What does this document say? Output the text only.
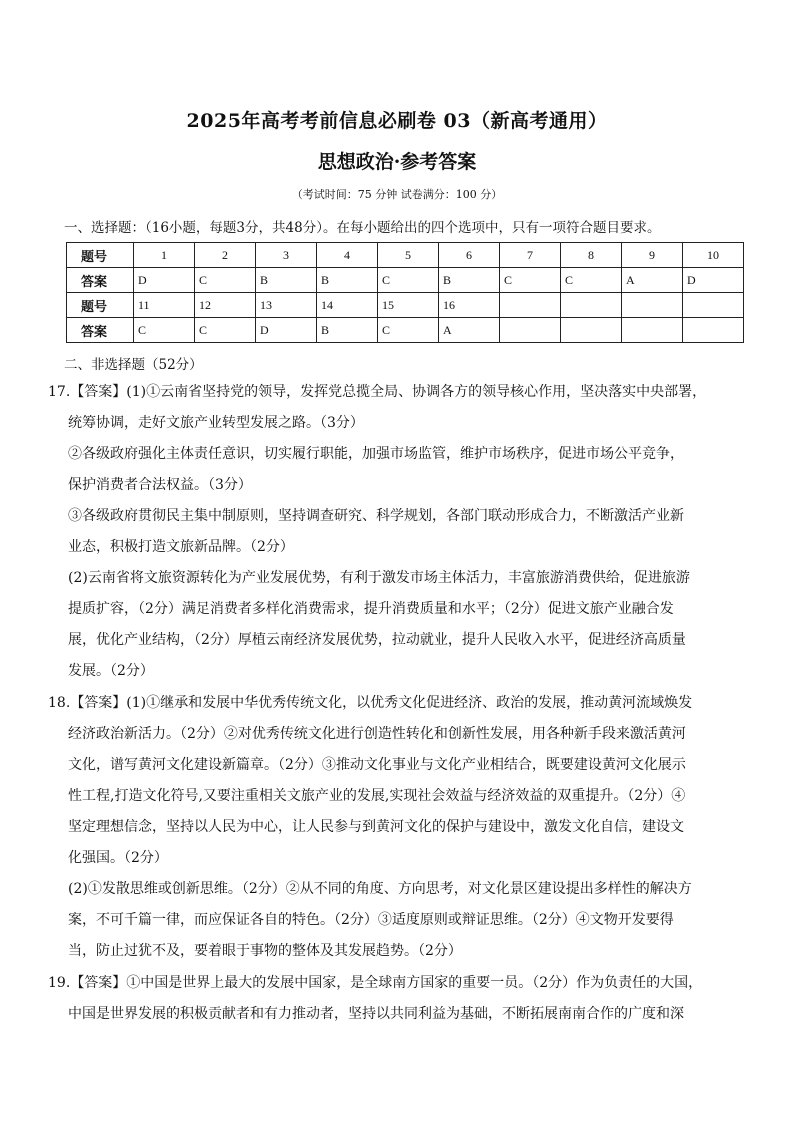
2025年高考考前信息必刷卷 03（新高考通用）
思想政治·参考答案
（考试时间：75 分钟 试卷满分：100 分）
一、选择题：（16小题，每题3分，共48分）。在每小题给出的四个选项中，只有一项符合题目要求。
题号	1	2	3	4	5	6	7	8	9	10
答案	D	C	B	B	C	B	C	C	A	D
题号	11	12	13	14	15	16				
答案	C	C	D	B	C	A				
二、非选择题（52分）

17.【答案】(1)①云南省坚持党的领导，发挥党总揽全局、协调各方的领导核心作用，坚决落实中央部署，

统筹协调，走好文旅产业转型发展之路。（3分）

②各级政府强化主体责任意识，切实履行职能，加强市场监管，维护市场秩序，促进市场公平竞争，

保护消费者合法权益。（3分）

③各级政府贯彻民主集中制原则，坚持调查研究、科学规划，各部门联动形成合力，不断激活产业新

业态，积极打造文旅新品牌。（2分）

(2)云南省将文旅资源转化为产业发展优势，有利于激发市场主体活力，丰富旅游消费供给，促进旅游

提质扩容，（2分）满足消费者多样化消费需求，提升消费质量和水平；（2分）促进文旅产业融合发

展，优化产业结构，（2分）厚植云南经济发展优势，拉动就业，提升人民收入水平，促进经济高质量

发展。（2分）

18.【答案】(1)①继承和发展中华优秀传统文化，以优秀文化促进经济、政治的发展，推动黄河流域焕发

经济政治新活力。（2分）②对优秀传统文化进行创造性转化和创新性发展，用各种新手段来激活黄河

文化，谱写黄河文化建设新篇章。（2分）③推动文化事业与文化产业相结合，既要建设黄河文化展示

性工程,打造文化符号,又要注重相关文旅产业的发展,实现社会效益与经济效益的双重提升。（2分）④

坚定理想信念，坚持以人民为中心，让人民参与到黄河文化的保护与建设中，激发文化自信，建设文

化强国。（2分）

(2)①发散思维或创新思维。（2分）②从不同的角度、方向思考，对文化景区建设提出多样性的解决方

案，不可千篇一律，而应保证各自的特色。（2分）③适度原则或辩证思维。（2分）④文物开发要得

当，防止过犹不及，要着眼于事物的整体及其发展趋势。（2分）

19.【答案】①中国是世界上最大的发展中国家，是全球南方国家的重要一员。（2分）作为负责任的大国，

中国是世界发展的积极贡献者和有力推动者，坚持以共同利益为基础，不断拓展南南合作的广度和深
